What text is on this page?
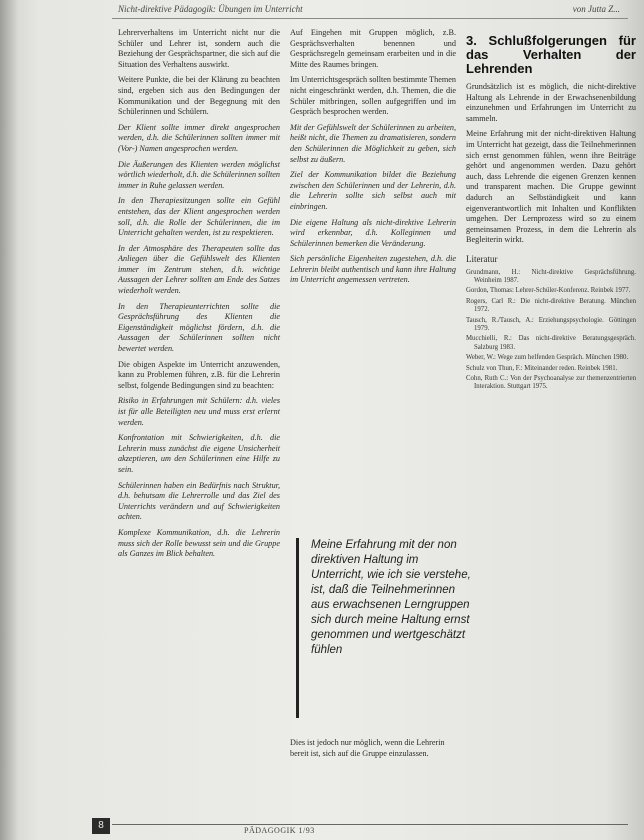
Nicht-direktive Pädagogik: Übungen im Unterricht	von Jutta Z...

Lehrerverhaltens im Unterricht nicht nur die Schüler und Lehrer ist, sondern auch die Beziehung der Gesprächspartner, die sich auf die Situation des Verhaltens auswirkt.

Weitere Punkte, die bei der Klärung zu beachten sind, ergeben sich aus den Bedingungen der Kommunikation und der Begegnung mit den Schülerinnen und Schülern.

Der Klient sollte immer direkt angesprochen werden, d.h. die Schülerinnen sollten immer mit (Vor-) Namen angesprochen werden.

Die Äußerungen des Klienten werden möglichst wörtlich wiederholt, d.h. die Schülerinnen sollten immer in Ruhe gelassen werden.

In den Therapiesitzungen sollte ein Gefühl entstehen, das der Klient angesprochen werden soll, d.h. die Rolle der Schülerinnen, die im Unterricht gehalten werden, ist zu respektieren.

In der Atmosphäre des Therapeuten sollte das Anliegen über die Gefühlswelt des Klienten immer im Zentrum stehen, d.h. wichtige Aussagen der Lehrer sollten am Ende des Satzes wiederholt werden.

In den Therapieunterrichten sollte die Gesprächsführung des Klienten die Eigenständigkeit möglichst fördern, d.h. die Aussagen der Schülerinnen sollten nicht bewertet werden.

Die obigen Aspekte im Unterricht anzuwenden, kann zu Problemen führen, z.B. für die Lehrerin selbst, folgende Bedingungen sind zu beachten:

Risiko in Erfahrungen mit Schülern: d.h. vieles ist für alle Beteiligten neu und muss erst erlernt werden.

Konfrontation mit Schwierigkeiten, d.h. die Lehrerin muss zunächst die eigene Unsicherheit akzeptieren, um den Schülerinnen eine Hilfe zu sein.

Schülerinnen haben ein Bedürfnis nach Struktur, d.h. behutsam die Lehrerrolle und das Ziel des Unterrichts verändern und auf Schwierigkeiten achten.

Komplexe Kommunikation, d.h. die Lehrerin muss sich der Rolle bewusst sein und die Gruppe als Ganzes im Blick behalten.

Auf Eingehen mit Gruppen möglich, z.B. Gesprächsverhalten benennen und Gesprächsregeln gemeinsam erarbeiten und in die Mitte des Raumes bringen.

Im Unterrichtsgespräch sollten bestimmte Themen nicht eingeschränkt werden, d.h. Themen, die die Schüler mitbringen, sollen aufgegriffen und im Gespräch besprochen werden.

Mit der Gefühlswelt der Schülerinnen zu arbeiten, heißt nicht, die Themen zu dramatisieren, sondern den Schülerinnen die Möglichkeit zu geben, sich selbst zu äußern.

Ziel der Kommunikation bildet die Beziehung zwischen den Schülerinnen und der Lehrerin, d.h. die Lehrerin sollte sich selbst auch mit einbringen.

Die eigene Haltung als nicht-direktive Lehrerin wird erkennbar, d.h. Kolleginnen und Schülerinnen bemerken die Veränderung.

Sich persönliche Eigenheiten zugestehen, d.h. die Lehrerin bleibt authentisch und kann ihre Haltung im Unterricht angemessen vertreten.

3. Schlußfolgerungen für das Verhalten der Lehrenden

Grundsätzlich ist es möglich, die nicht-direktive Haltung als Lehrende in der Erwachsenenbildung einzunehmen und Erfahrungen im Unterricht zu sammeln.

Meine Erfahrung mit der nicht-direktiven Haltung im Unterricht hat gezeigt, dass die Teilnehmerinnen sich ernst genommen fühlen, wenn ihre Beiträge gehört und angenommen werden. Dazu gehört auch, dass Lehrende die eigenen Grenzen kennen und transparent machen. Die Gruppe gewinnt dadurch an Selbständigkeit und kann eigenverantwortlich mit Inhalten und Konflikten umgehen. Der Lernprozess wird so zu einem gemeinsamen Prozess, in dem die Lehrerin als Begleiterin wirkt.

Literatur
Grundmann, H.: Nicht-direktive Gesprächsführung. Weinheim 1987.
Gordon, Thomas: Lehrer-Schüler-Konferenz. Reinbek 1977.
Rogers, Carl R.: Die nicht-direktive Beratung. München 1972.
Tausch, R./Tausch, A.: Erziehungspsychologie. Göttingen 1979.
Mucchielli, R.: Das nicht-direktive Beratungsgespräch. Salzburg 1983.
Weber, W.: Wege zum helfenden Gespräch. München 1980.
Schulz von Thun, F.: Miteinander reden. Reinbek 1981.
Cohn, Ruth C.: Von der Psychoanalyse zur themenzentrierten Interaktion. Stuttgart 1975.
Meine Erfahrung mit der non direktiven Haltung im Unterricht, wie ich sie verstehe, ist, daß die Teilnehmerinnen aus erwachsenen Lerngruppen sich durch meine Haltung ernst genommen und wertgeschätzt fühlen
Dies ist jedoch nur möglich, wenn die Lehrerin bereit ist, sich auf die Gruppe einzulassen.
8	PÄDAGOGIK 1/93
